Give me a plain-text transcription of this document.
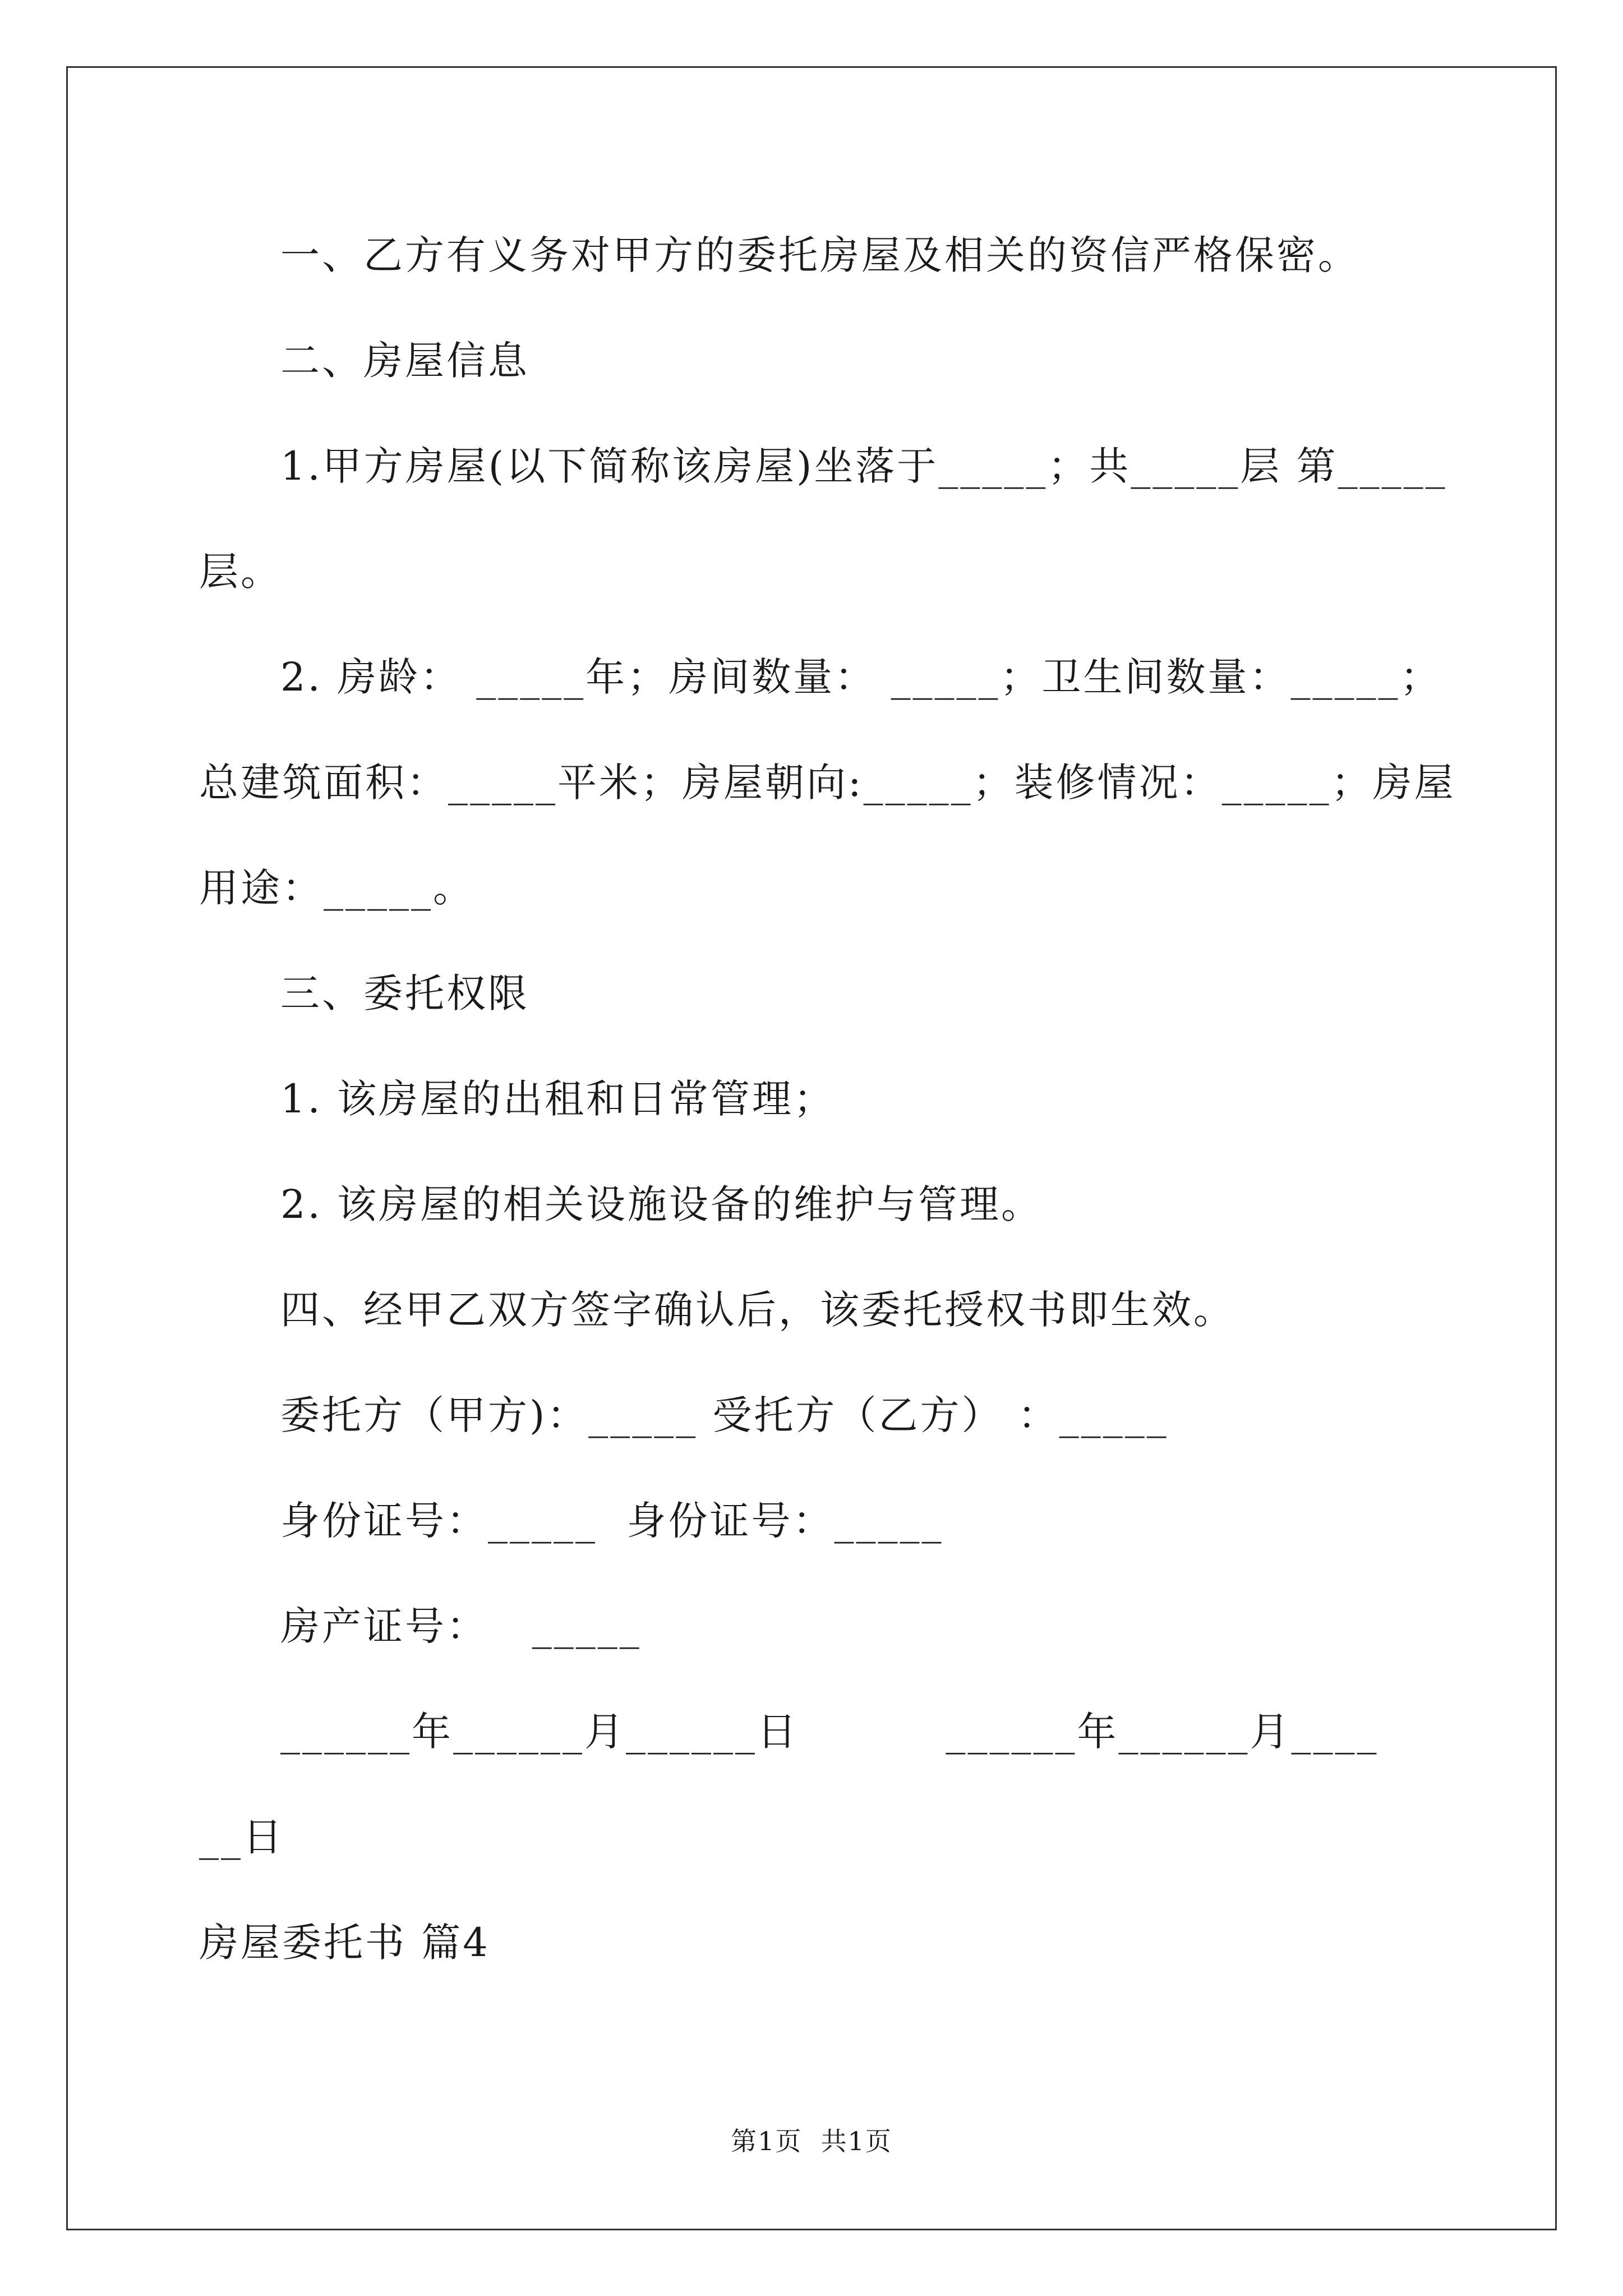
一、乙方有义务对甲方的委托房屋及相关的资信严格保密。
二、房屋信息
1.甲方房屋(以下简称该房屋)坐落于_____；共_____层 第_____
层。
2. 房龄： _____年；房间数量： _____；卫生间数量：_____；
总建筑面积：_____平米；房屋朝向:_____；装修情况：_____；房屋
用途：_____。
三、委托权限
1. 该房屋的出租和日常管理；
2. 该房屋的相关设施设备的维护与管理。
四、经甲乙双方签字确认后，该委托授权书即生效。
委托方（甲方)：_____ 受托方（乙方） ：_____
身份证号：_____  身份证号：_____
房产证号：   _____
______年______月______日          ______年______月____
__日
房屋委托书 篇4
第1页  共1页
